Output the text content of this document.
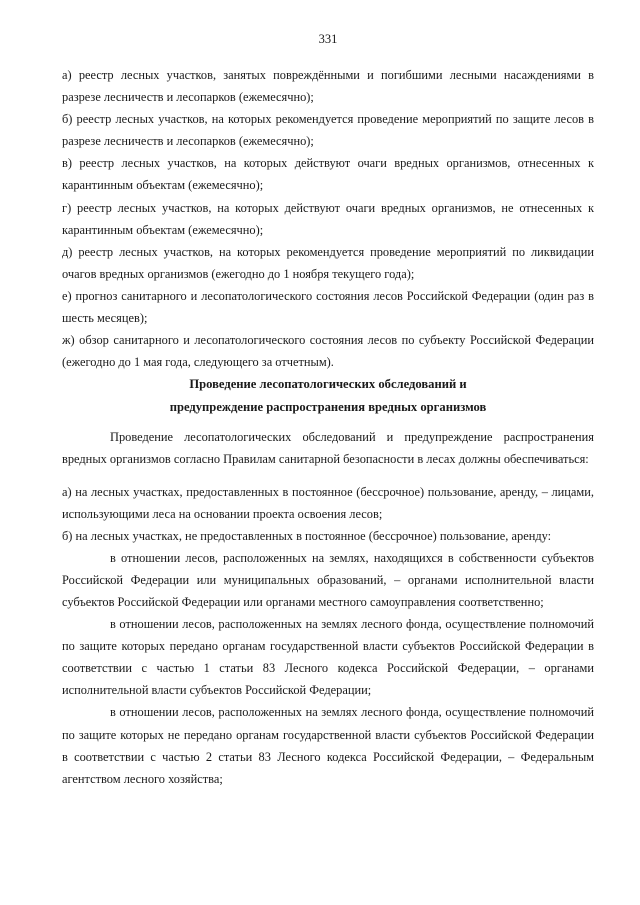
331

а) реестр лесных участков, занятых повреждёнными и погибшими лесными насаждениями в разрезе лесничеств и лесопарков (ежемесячно);

б) реестр лесных участков, на которых рекомендуется проведение мероприятий по защите лесов в разрезе лесничеств и лесопарков (ежемесячно);

в) реестр лесных участков, на которых действуют очаги вредных организмов, отнесенных к карантинным объектам (ежемесячно);

г) реестр лесных участков, на которых действуют очаги вредных организмов, не отнесенных к карантинным объектам (ежемесячно);

д) реестр лесных участков, на которых рекомендуется проведение мероприятий по ликвидации очагов вредных организмов (ежегодно до 1 ноября текущего года);

е) прогноз санитарного и лесопатологического состояния лесов Российской Федерации (один раз в шесть месяцев);

ж) обзор санитарного и лесопатологического состояния лесов по субъекту Российской Федерации (ежегодно до 1 мая года, следующего за отчетным).

Проведение лесопатологических обследований и

предупреждение распространения вредных организмов

Проведение лесопатологических обследований и предупреждение распространения вредных организмов согласно Правилам санитарной безопасности в лесах должны обеспечиваться:

а) на лесных участках, предоставленных в постоянное (бессрочное) пользование, аренду, – лицами, использующими леса на основании проекта освоения лесов;

б) на лесных участках, не предоставленных в постоянное (бессрочное) пользование, аренду:

в отношении лесов, расположенных на землях, находящихся в собственности субъектов Российской Федерации или муниципальных образований, – органами исполнительной власти субъектов Российской Федерации или органами местного самоуправления соответственно;

в отношении лесов, расположенных на землях лесного фонда, осуществление полномочий по защите которых передано органам государственной власти субъектов Российской Федерации в соответствии с частью 1 статьи 83 Лесного кодекса Российской Федерации, – органами исполнительной власти субъектов Российской Федерации;

в отношении лесов, расположенных на землях лесного фонда, осуществление полномочий по защите которых не передано органам государственной власти субъектов Российской Федерации в соответствии с частью 2 статьи 83 Лесного кодекса Российской Федерации, – Федеральным агентством лесного хозяйства;
